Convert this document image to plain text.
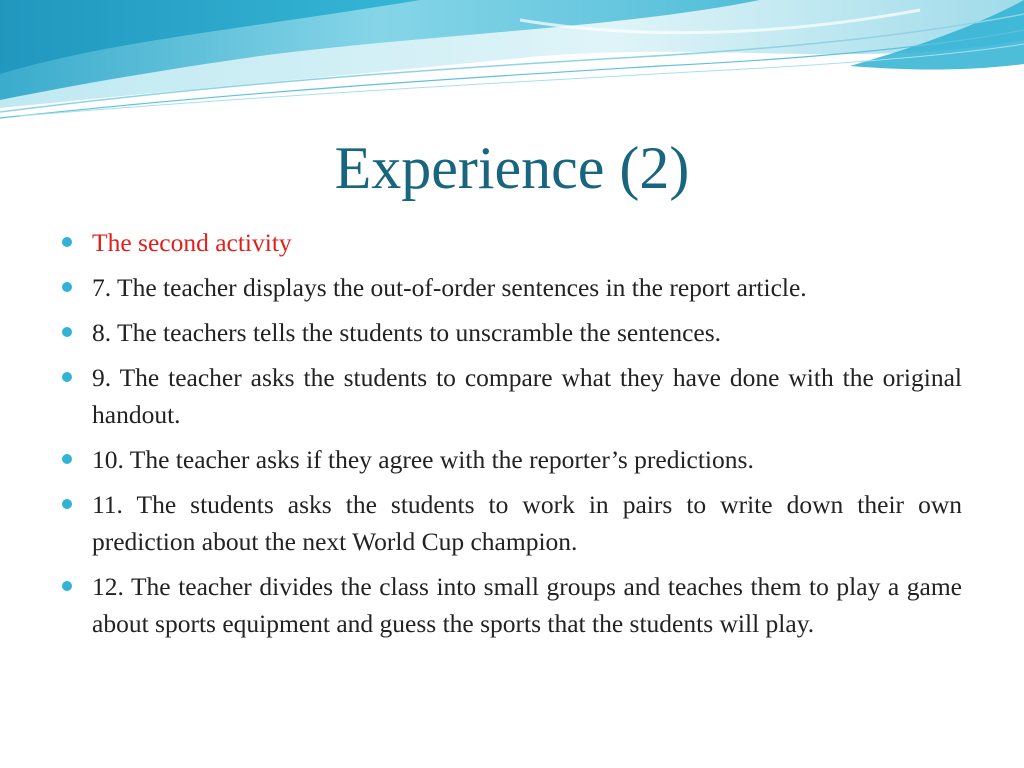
Experience (2)
The second activity
7. The teacher displays the out-of-order sentences in the report article.
8. The teachers tells the students to unscramble the sentences.
9. The teacher asks the students to compare what they have done with the original handout.
10. The teacher asks if they agree with the reporter’s predictions.
11. The students asks the students to work in pairs to write down their own prediction about the next World Cup champion.
12. The teacher divides the class into small groups and teaches them to play a game about sports equipment and guess the sports that the students will play.
